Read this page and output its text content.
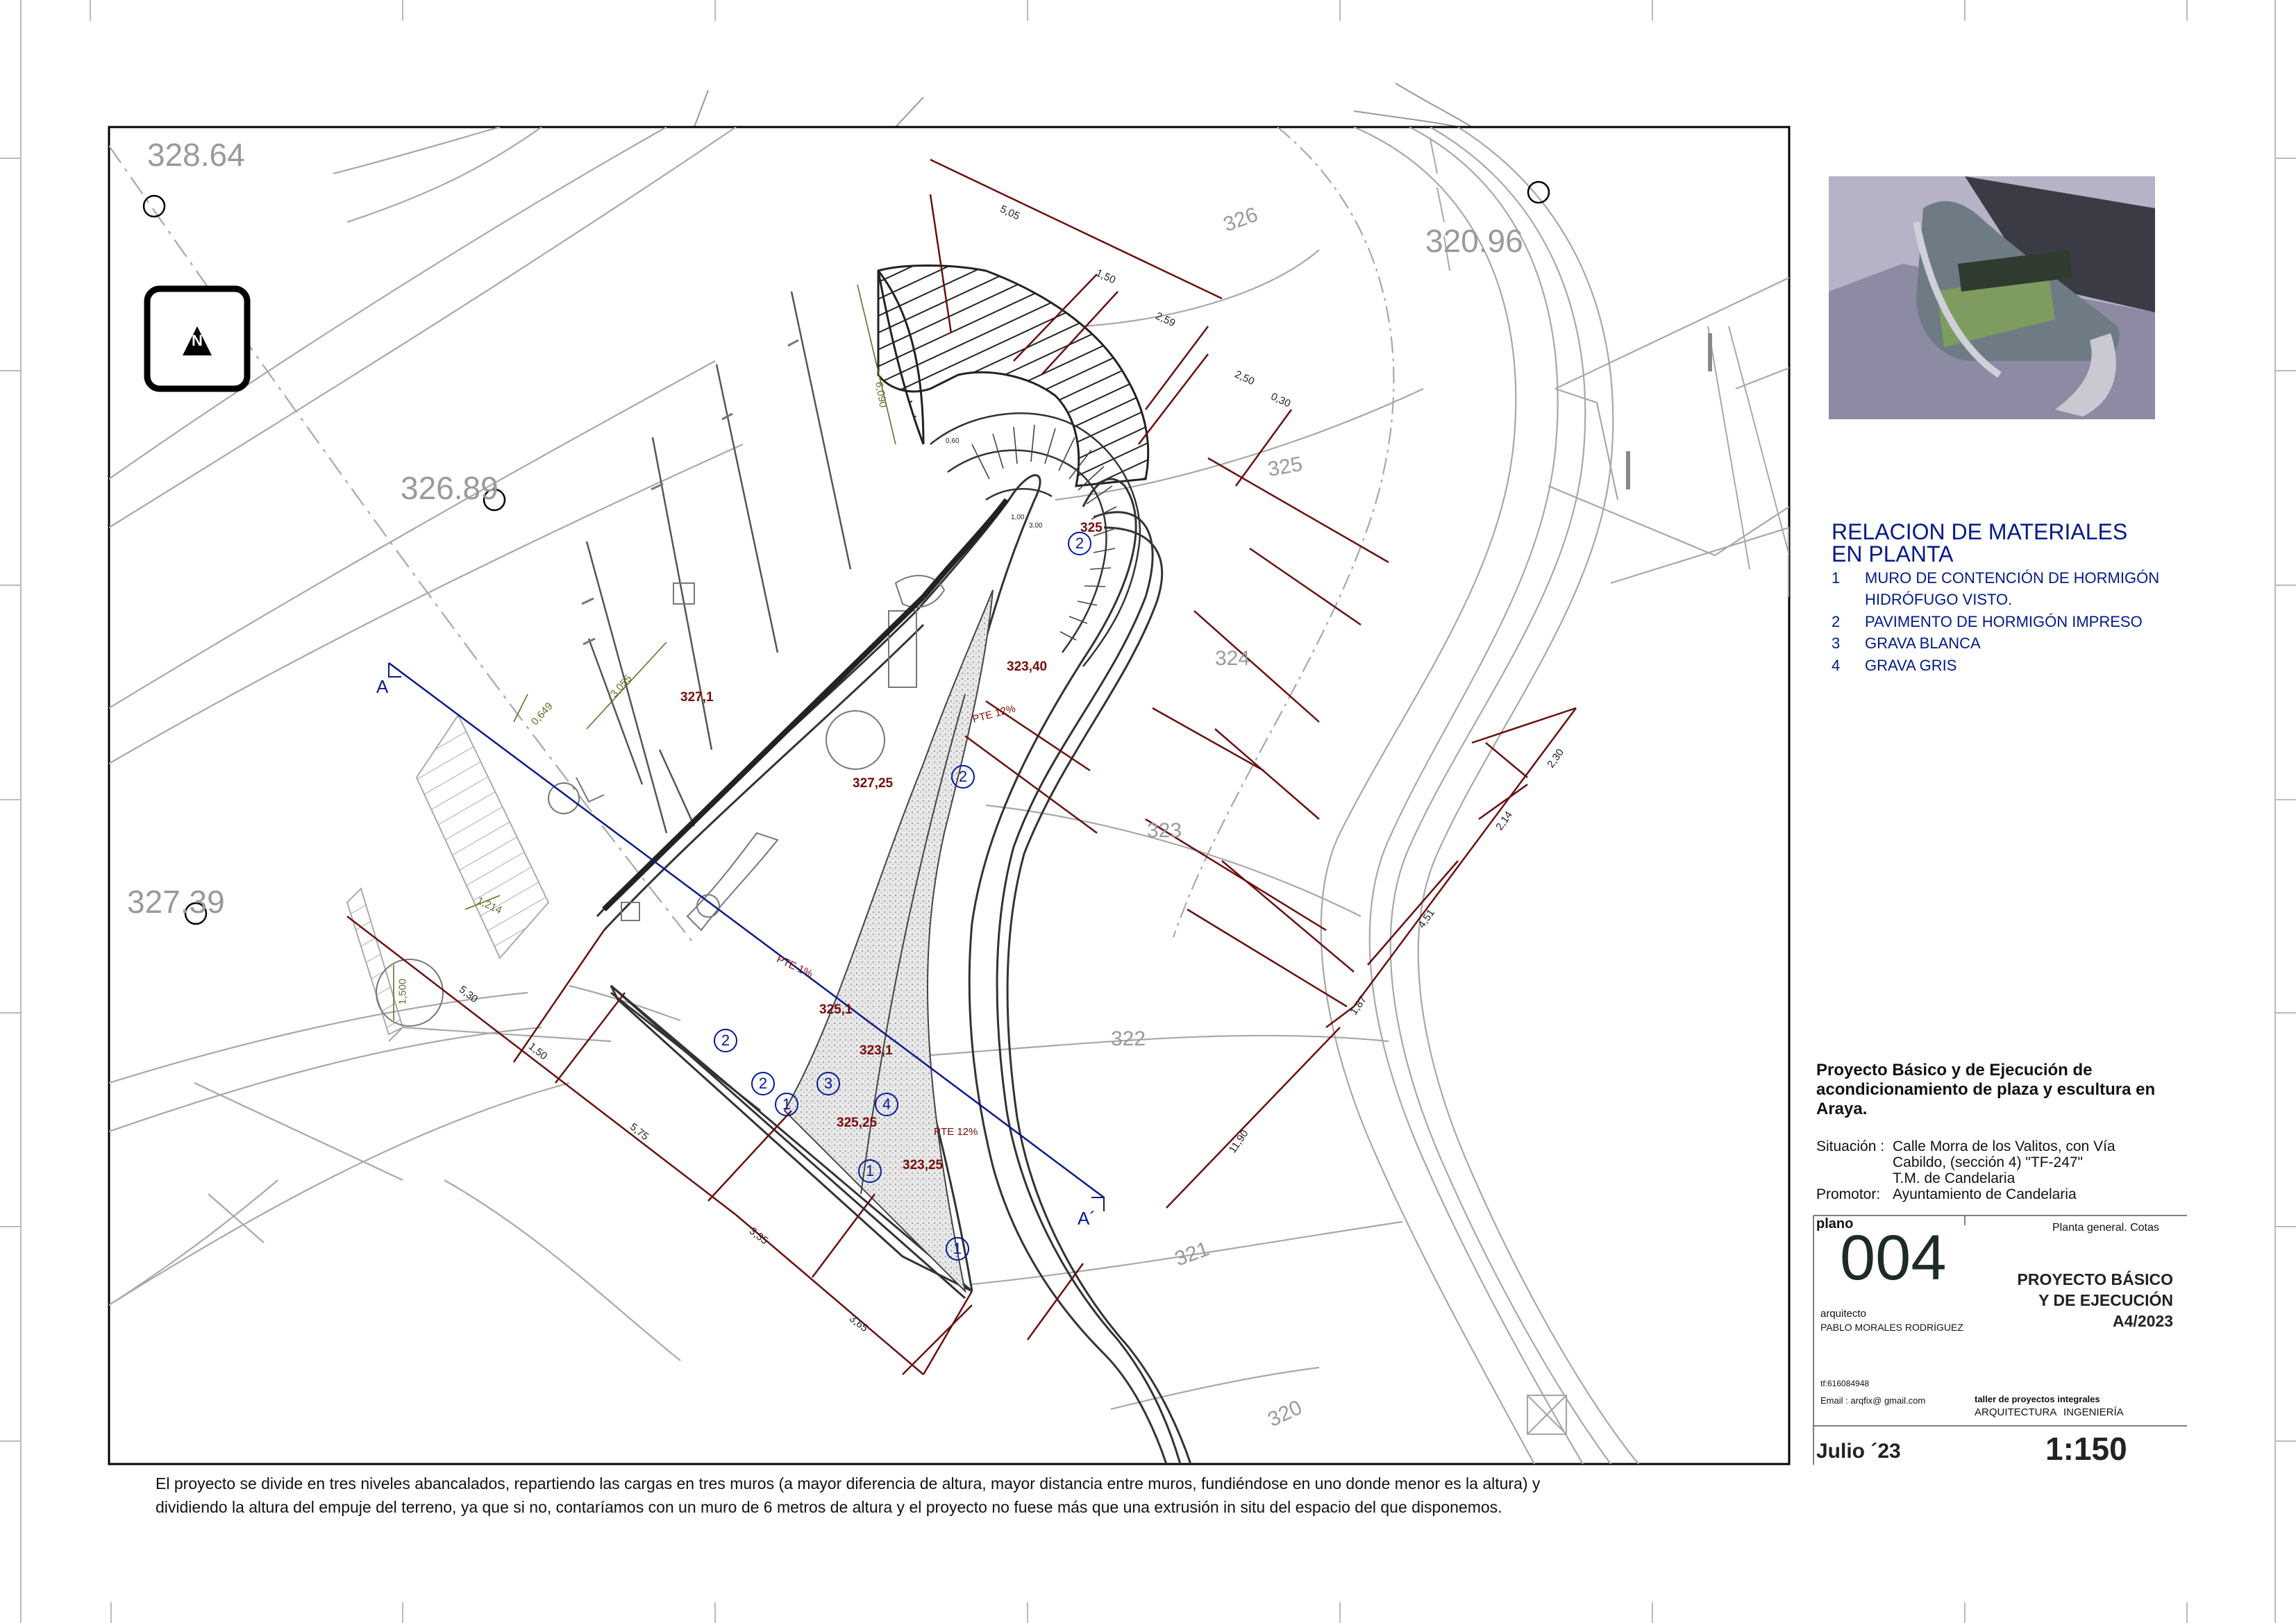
328.64
326.89
327.39
320.96
326
325
324
323
322
321
320
325
323,40
327,1
327,25
325,1
323,1
325,25
323,25
PTE 12%
PTE 1%
PTE 12%
5,05
1,50
2,59
2,50
0,30
2,30
2,14
4,51
1,87
11,90
5,30
1,50
5,75
3,35
3,65
6,090
3,055
0,649
1,214
1,500
1,00
3,00
0,60
A
A´
2
2
2
2
1
3
4
1
1
N
RELACION DE MATERIALES EN PLANTA
1 MURO DE CONTENCIÓN DE HORMIGÓN
HIDRÓFUGO VISTO.
2 PAVIMENTO DE HORMIGÓN IMPRESO
3 GRAVA BLANCA
4 GRAVA GRIS
Proyecto Básico y de Ejecución de acondicionamiento de plaza y escultura en Araya.
Situación : Calle Morra de los Valitos, con Vía
Cabildo, (sección 4) "TF-247"
T.M. de Candelaria
Promotor: Ayuntamiento de Candelaria
plano
004	Planta general. Cotas
PROYECTO BÁSICO
Y DE EJECUCIÓN
A4/2023
arquitecto
PABLO MORALES RODRÍGUEZ
tf:616084948
Email : arqfix@ gmail.com	taller de proyectos integrales
ARQUITECTURA INGENIERÍA
Julio ´23	1:150
El proyecto se divide en tres niveles abancalados, repartiendo las cargas en tres muros (a mayor diferencia de altura, mayor distancia entre muros, fundiéndose en uno donde menor es la altura) y
dividiendo la altura del empuje del terreno, ya que si no, contaríamos con un muro de 6 metros de altura y el proyecto no fuese más que una extrusión in situ del espacio del que disponemos.
